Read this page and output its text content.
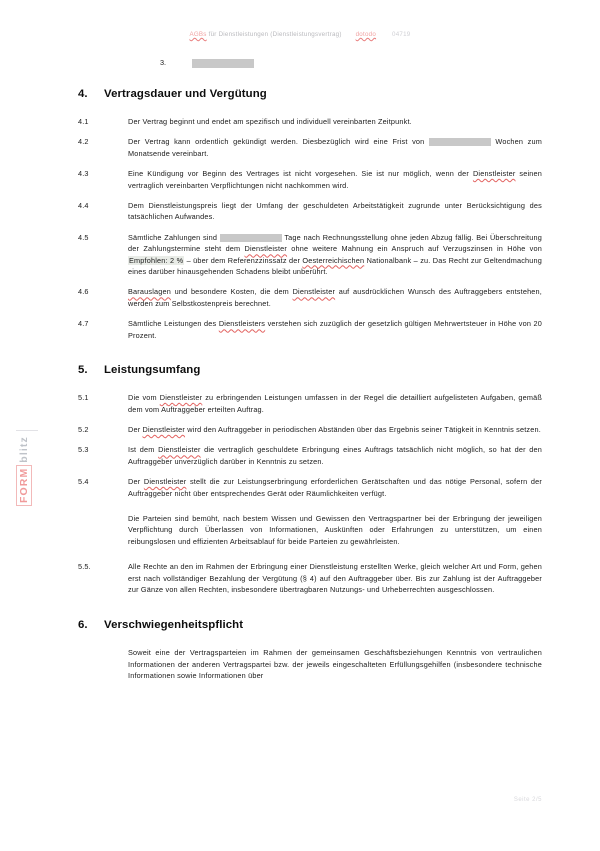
AGBs für Dienstleistungen (Dienstleistungsvertrag) dotodo	04719
FORMblitz
3.
4. Vertragsdauer und Vergütung
4.1	Der Vertrag beginnt und endet am spezifisch und individuell vereinbarten Zeitpunkt.
4.2	Der Vertrag kann ordentlich gekündigt werden. Diesbezüglich wird eine Frist von	Wochen zum Monatsende vereinbart.
4.3	Eine Kündigung vor Beginn des Vertrages ist nicht vorgesehen. Sie ist nur möglich, wenn der Dienstleister seinen vertraglich vereinbarten Verpflichtungen nicht nachkommen wird.
4.4	Dem Dienstleistungspreis liegt der Umfang der geschuldeten Arbeitstätigkeit zugrunde unter Berücksichtigung des tatsächlichen Aufwandes.
4.5	Sämtliche Zahlungen sind	Tage nach Rechnungsstellung ohne jeden Abzug fällig. Bei Überschreitung der Zahlungstermine steht dem Dienstleister ohne weitere Mahnung ein Anspruch auf Verzugszinsen in Höhe von Empfohlen: 2 % – über dem Referenzzinssatz der Oesterreichischen Nationalbank – zu. Das Recht zur Geltendmachung eines darüber hinausgehenden Schadens bleibt unberührt.
4.6	Barauslagen und besondere Kosten, die dem Dienstleister auf ausdrücklichen Wunsch des Auftraggebers entstehen, werden zum Selbstkostenpreis berechnet.
4.7	Sämtliche Leistungen des Dienstleisters verstehen sich zuzüglich der gesetzlich gültigen Mehrwertsteuer in Höhe von 20 Prozent.
5. Leistungsumfang
5.1	Die vom Dienstleister zu erbringenden Leistungen umfassen in der Regel die detailliert aufgelisteten Aufgaben, gemäß dem vom Auftraggeber erteilten Auftrag.
5.2	Der Dienstleister wird den Auftraggeber in periodischen Abständen über das Ergebnis seiner Tätigkeit in Kenntnis setzen.
5.3	Ist dem Dienstleister die vertraglich geschuldete Erbringung eines Auftrags tatsächlich nicht möglich, so hat der den Auftraggeber unverzüglich darüber in Kenntnis zu setzen.
5.4	Der Dienstleister stellt die zur Leistungserbringung erforderlichen Gerätschaften und das nötige Personal, sofern der Auftraggeber nicht über entsprechendes Gerät oder Räumlichkeiten verfügt.
Die Parteien sind bemüht, nach bestem Wissen und Gewissen den Vertragspartner bei der Erbringung der jeweiligen Verpflichtung durch Überlassen von Informationen, Auskünften oder Erfahrungen zu unterstützen, um einen reibungslosen und effizienten Arbeitsablauf für beide Parteien zu gewährleisten.
5.5.	Alle Rechte an den im Rahmen der Erbringung einer Dienstleistung erstellten Werke, gleich welcher Art und Form, gehen erst nach vollständiger Bezahlung der Vergütung (§ 4) auf den Auftraggeber über. Bis zur Zahlung ist der Auftraggeber zur Gänze von allen Rechten, insbesondere übertragbaren Nutzungs- und Urheberrechten ausgeschlossen.
6. Verschwiegenheitspflicht
Soweit eine der Vertragsparteien im Rahmen der gemeinsamen Geschäftsbeziehungen Kenntnis von vertraulichen Informationen der anderen Vertragspartei bzw. der jeweils eingeschalteten Erfüllungsgehilfen (insbesondere technische Informationen sowie Informationen über
Seite 2/5
